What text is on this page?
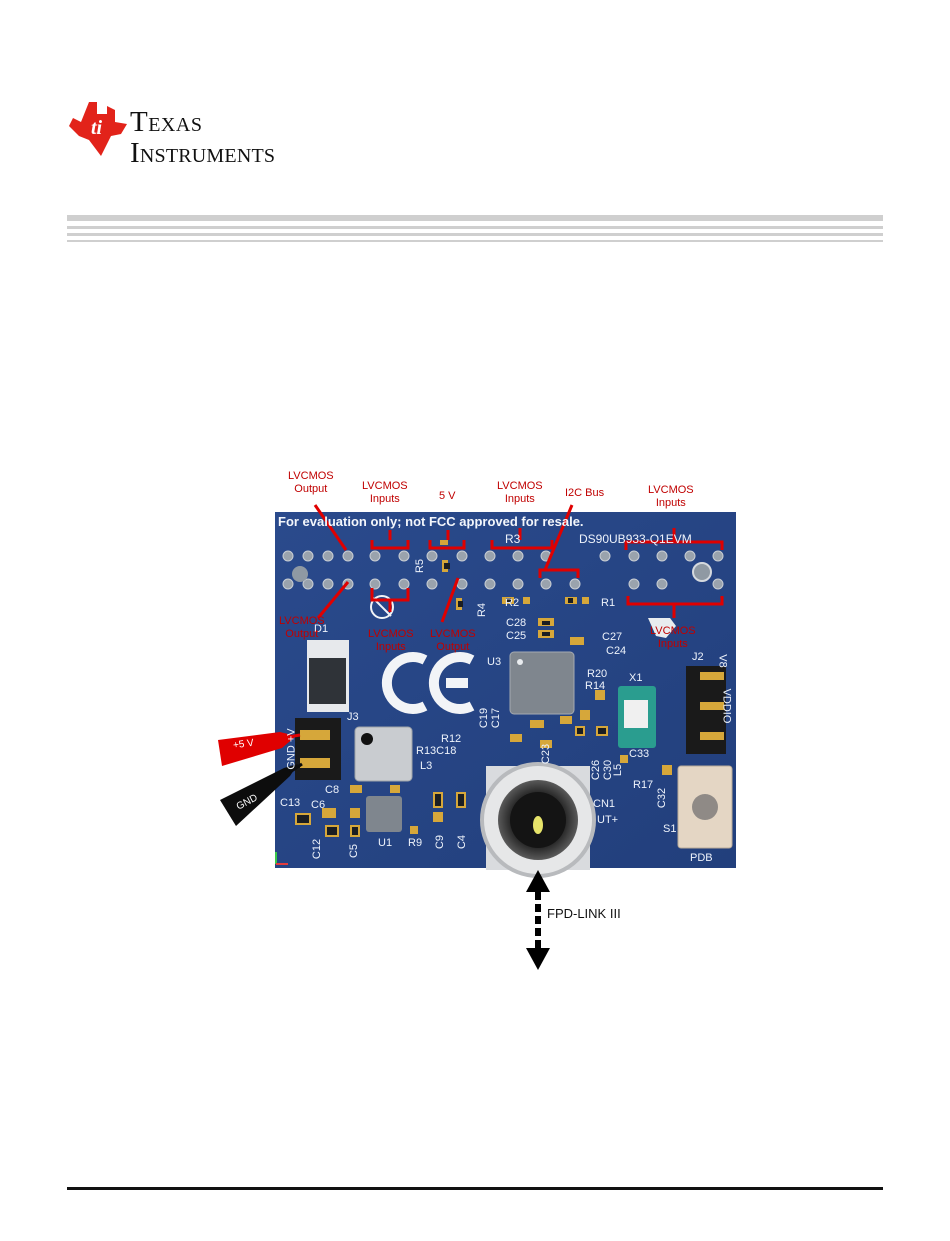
ti Texas
Instruments
For evaluation only; not FCC approved for resale.
DS90UB933-Q1EVM
R3
R5
R4 R2	R1
C28
C25	C27
C24
U3
R20
R14
X1
J2 V8
VDDIO
D1
J3
GND +V
C19 C17
R12
R13C18
L3
C23
C26 C30
L5
C33
R17
C32
C8
C13 C6
C12 C5
U1 R9 C9 C4
CN1
UT+
S1
PDB
LVCMOS
Output	LVCMOS
Inputs	5 V
LVCMOS
Inputs	I2C Bus	LVCMOS
Inputs
LVCMOS
Output	LVCMOS
Inputs
LVCMOS
Output
LVCMOS
Inputs
+5 V
GND
FPD-LINK III
